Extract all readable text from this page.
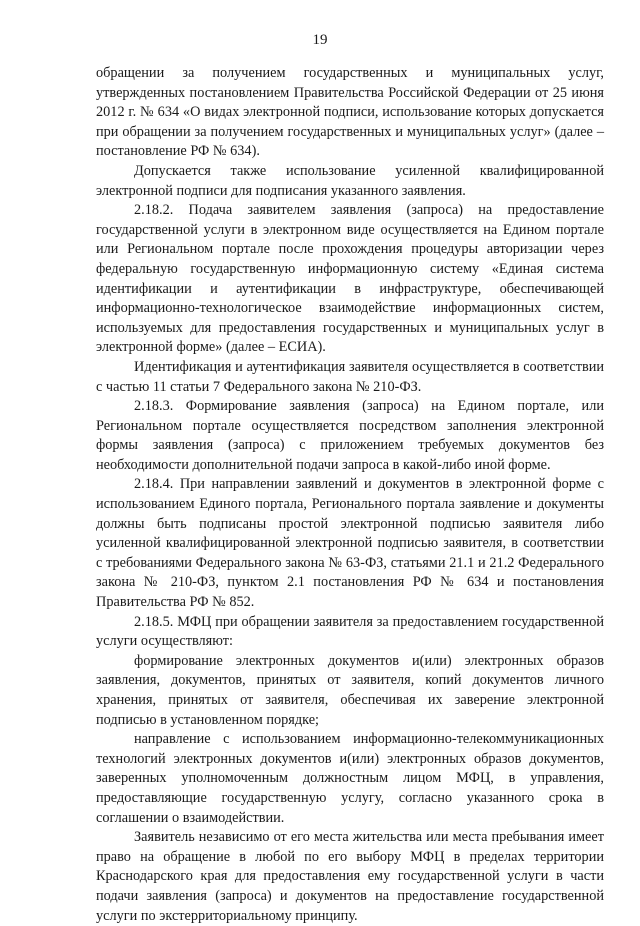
19

обращении за получением государственных и муниципальных услуг, утвержденных постановлением Правительства Российской Федерации от 25 июня 2012 г. № 634 «О видах электронной подписи, использование которых допускается при обращении за получением государственных и муниципальных услуг» (далее – постановление РФ № 634).

Допускается также использование усиленной квалифицированной электронной подписи для подписания указанного заявления.

2.18.2. Подача заявителем заявления (запроса) на предоставление государственной услуги в электронном виде осуществляется на Едином портале или Региональном портале после прохождения процедуры авторизации через федеральную государственную информационную систему «Единая система идентификации и аутентификации в инфраструктуре, обеспечивающей информационно-технологическое взаимодействие информационных систем, используемых для предоставления государственных и муниципальных услуг в электронной форме» (далее – ЕСИА).

Идентификация и аутентификация заявителя осуществляется в соответствии с частью 11 статьи 7 Федерального закона № 210-ФЗ.

2.18.3. Формирование заявления (запроса) на Едином портале, или Региональном портале осуществляется посредством заполнения электронной формы заявления (запроса) с приложением требуемых документов без необходимости дополнительной подачи запроса в какой-либо иной форме.

2.18.4. При направлении заявлений и документов в электронной форме с использованием Единого портала, Регионального портала заявление и документы должны быть подписаны простой электронной подписью заявителя либо усиленной квалифицированной электронной подписью заявителя, в соответствии с требованиями Федерального закона № 63-ФЗ, статьями 21.1 и 21.2 Федерального закона № 210-ФЗ, пунктом 2.1 постановления РФ № 634 и постановления Правительства РФ № 852.

2.18.5. МФЦ при обращении заявителя за предоставлением государственной услуги осуществляют:

формирование электронных документов и(или) электронных образов заявления, документов, принятых от заявителя, копий документов личного хранения, принятых от заявителя, обеспечивая их заверение электронной подписью в установленном порядке;

направление с использованием информационно-телекоммуникационных технологий электронных документов и(или) электронных образов документов, заверенных уполномоченным должностным лицом МФЦ, в управления, предоставляющие государственную услугу, согласно указанного срока в соглашении о взаимодействии.

Заявитель независимо от его места жительства или места пребывания имеет право на обращение в любой по его выбору МФЦ в пределах территории Краснодарского края для предоставления ему государственной услуги в части подачи заявления (запроса) и документов на предоставление государственной услуги по экстерриториальному принципу.
